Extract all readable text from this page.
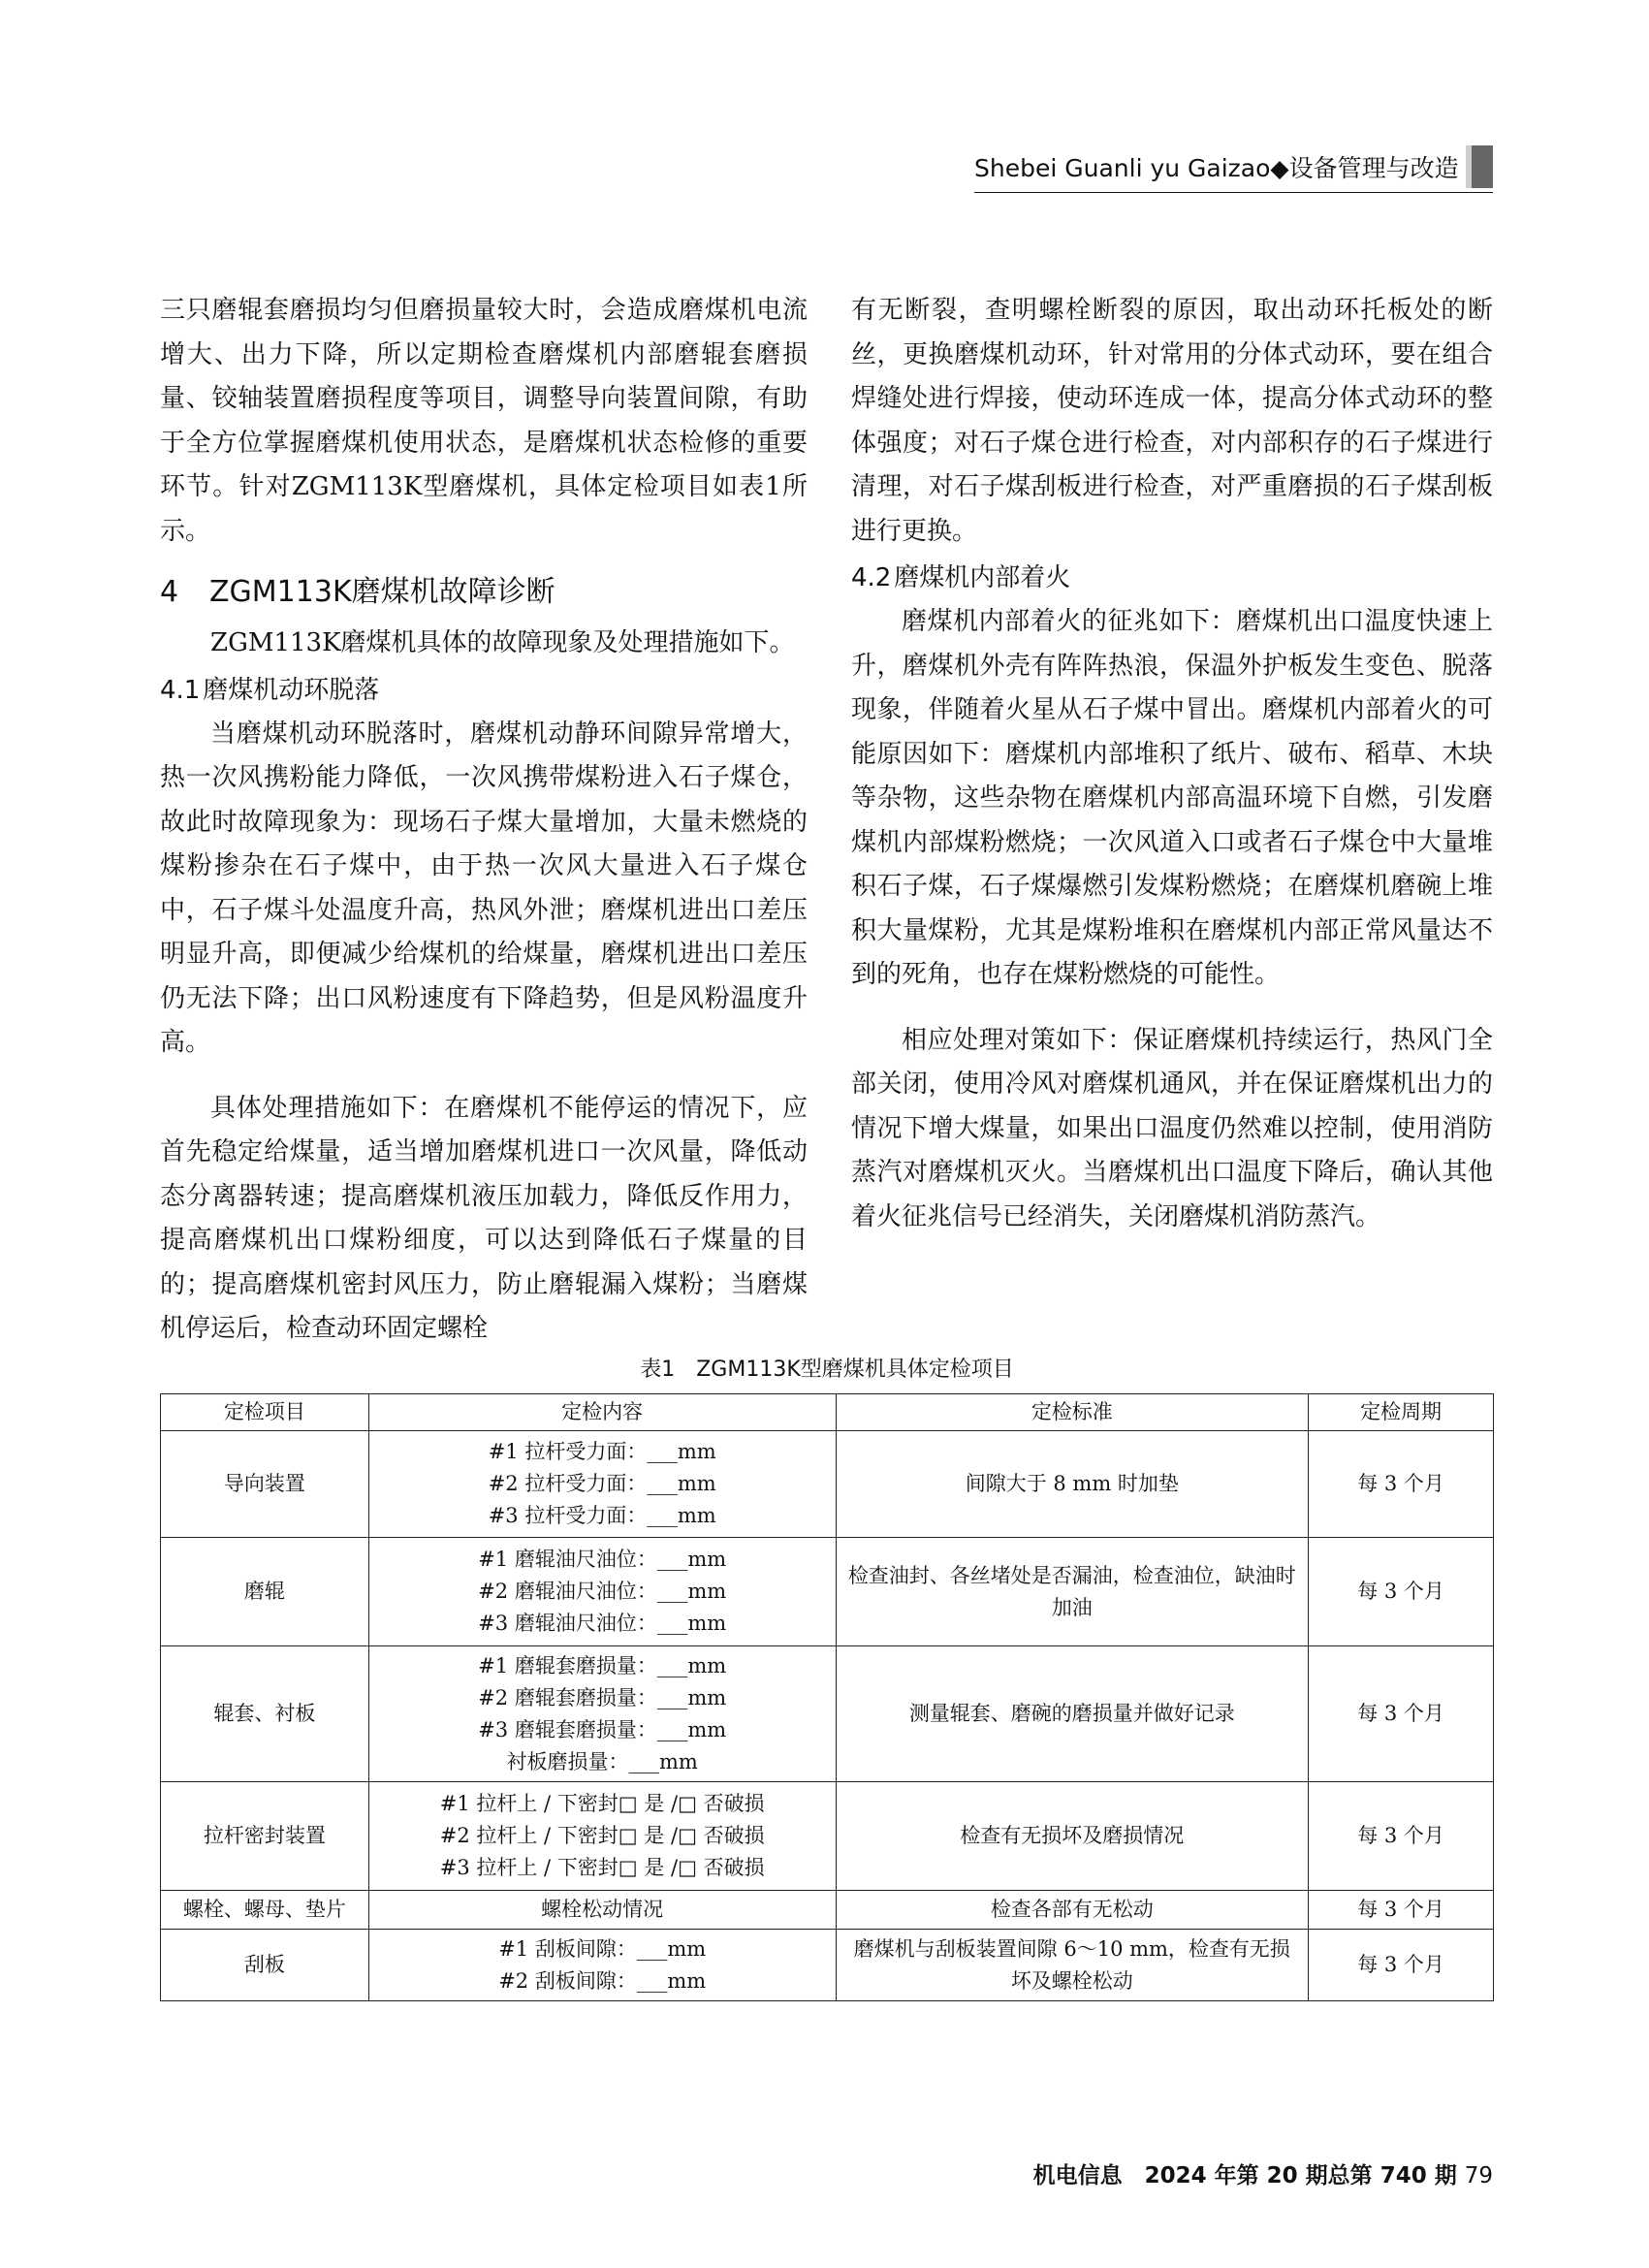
Shebei Guanli yu Gaizao◆设备管理与改造

三只磨辊套磨损均匀但磨损量较大时，会造成磨煤机电流增大、出力下降，所以定期检查磨煤机内部磨辊套磨损量、铰轴装置磨损程度等项目，调整导向装置间隙，有助于全方位掌握磨煤机使用状态，是磨煤机状态检修的重要环节。针对ZGM113K型磨煤机，具体定检项目如表1所示。

4 ZGM113K磨煤机故障诊断

ZGM113K磨煤机具体的故障现象及处理措施如下。

4.1 磨煤机动环脱落

当磨煤机动环脱落时，磨煤机动静环间隙异常增大，热一次风携粉能力降低，一次风携带煤粉进入石子煤仓，故此时故障现象为：现场石子煤大量增加，大量未燃烧的煤粉掺杂在石子煤中，由于热一次风大量进入石子煤仓中，石子煤斗处温度升高，热风外泄；磨煤机进出口差压明显升高，即便减少给煤机的给煤量，磨煤机进出口差压仍无法下降；出口风粉速度有下降趋势，但是风粉温度升高。

具体处理措施如下：在磨煤机不能停运的情况下，应首先稳定给煤量，适当增加磨煤机进口一次风量，降低动态分离器转速；提高磨煤机液压加载力，降低反作用力，提高磨煤机出口煤粉细度，可以达到降低石子煤量的目的；提高磨煤机密封风压力，防止磨辊漏入煤粉；当磨煤机停运后，检查动环固定螺栓

有无断裂，查明螺栓断裂的原因，取出动环托板处的断丝，更换磨煤机动环，针对常用的分体式动环，要在组合焊缝处进行焊接，使动环连成一体，提高分体式动环的整体强度；对石子煤仓进行检查，对内部积存的石子煤进行清理，对石子煤刮板进行检查，对严重磨损的石子煤刮板进行更换。

4.2 磨煤机内部着火

磨煤机内部着火的征兆如下：磨煤机出口温度快速上升，磨煤机外壳有阵阵热浪，保温外护板发生变色、脱落现象，伴随着火星从石子煤中冒出。磨煤机内部着火的可能原因如下：磨煤机内部堆积了纸片、破布、稻草、木块等杂物，这些杂物在磨煤机内部高温环境下自燃，引发磨煤机内部煤粉燃烧；一次风道入口或者石子煤仓中大量堆积石子煤，石子煤爆燃引发煤粉燃烧；在磨煤机磨碗上堆积大量煤粉，尤其是煤粉堆积在磨煤机内部正常风量达不到的死角，也存在煤粉燃烧的可能性。

相应处理对策如下：保证磨煤机持续运行，热风门全部关闭，使用冷风对磨煤机通风，并在保证磨煤机出力的情况下增大煤量，如果出口温度仍然难以控制，使用消防蒸汽对磨煤机灭火。当磨煤机出口温度下降后，确认其他着火征兆信号已经消失，关闭磨煤机消防蒸汽。

表1　ZGM113K型磨煤机具体定检项目
定检项目	定检内容	定检标准	定检周期
导向装置	#1 拉杆受力面：___mm
#2 拉杆受力面：___mm
#3 拉杆受力面：___mm	间隙大于 8 mm 时加垫	每 3 个月
磨辊	#1 磨辊油尺油位：___mm
#2 磨辊油尺油位：___mm
#3 磨辊油尺油位：___mm	检查油封、各丝堵处是否漏油，检查油位，缺油时加油	每 3 个月
辊套、衬板	#1 磨辊套磨损量：___mm
#2 磨辊套磨损量：___mm
#3 磨辊套磨损量：___mm
衬板磨损量：___mm	测量辊套、磨碗的磨损量并做好记录	每 3 个月
拉杆密封装置	#1 拉杆上 / 下密封□ 是 /□ 否破损
#2 拉杆上 / 下密封□ 是 /□ 否破损
#3 拉杆上 / 下密封□ 是 /□ 否破损	检查有无损坏及磨损情况	每 3 个月
螺栓、螺母、垫片	螺栓松动情况	检查各部有无松动	每 3 个月
刮板	#1 刮板间隙：___mm
#2 刮板间隙：___mm	磨煤机与刮板装置间隙 6～10 mm，检查有无损坏及螺栓松动	每 3 个月
机电信息　2024 年第 20 期总第 740 期 79
